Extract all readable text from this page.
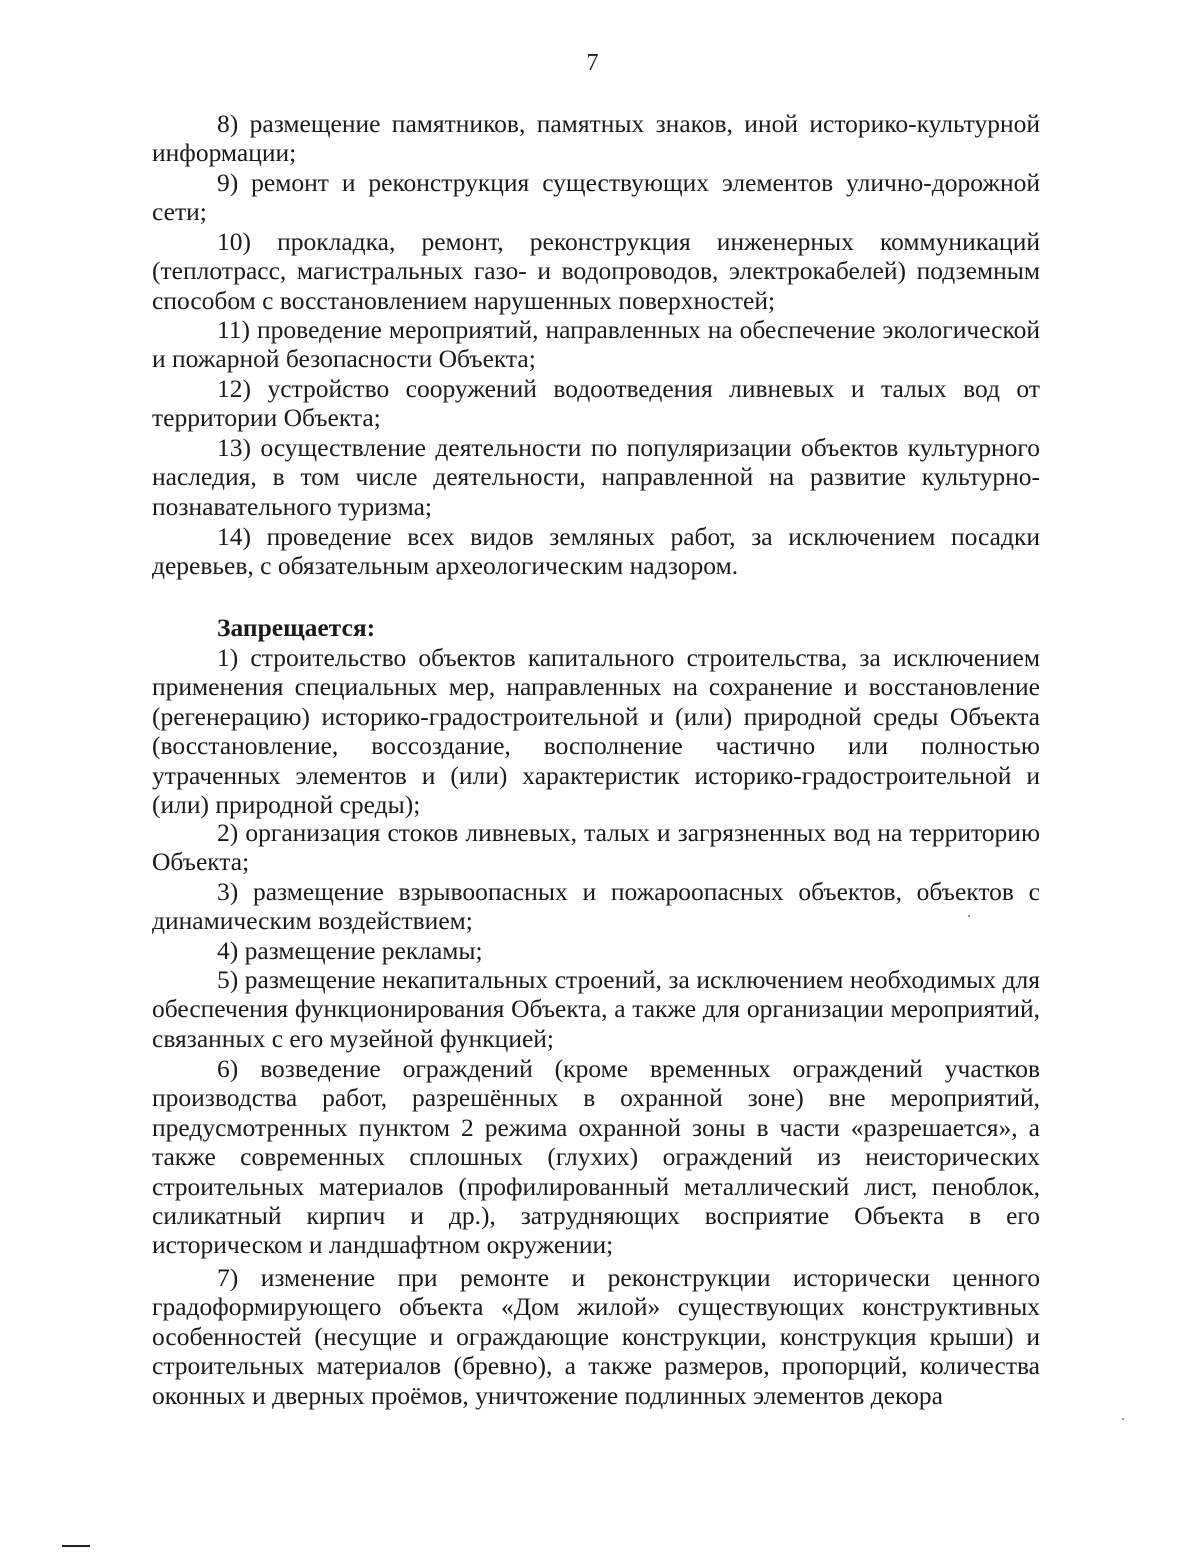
7

8) размещение памятников, памятных знаков, иной историко-культурной информации;

9) ремонт и реконструкция существующих элементов улично-дорожной сети;

10) прокладка, ремонт, реконструкция инженерных коммуникаций (теплотрасс, магистральных газо- и водопроводов, электрокабелей) подземным способом с восстановлением нарушенных поверхностей;

11) проведение мероприятий, направленных на обеспечение экологической и пожарной безопасности Объекта;

12) устройство сооружений водоотведения ливневых и талых вод от территории Объекта;

13) осуществление деятельности по популяризации объектов культурного наследия, в том числе деятельности, направленной на развитие культурно-познавательного туризма;

14) проведение всех видов земляных работ, за исключением посадки деревьев, с обязательным археологическим надзором.

Запрещается:

1) строительство объектов капитального строительства, за исключением применения специальных мер, направленных на сохранение и восстановление (регенерацию) историко-градостроительной и (или) природной среды Объекта (восстановление, воссоздание, восполнение частично или полностью утраченных элементов и (или) характеристик историко-градостроительной и (или) природной среды);

2) организация стоков ливневых, талых и загрязненных вод на территорию Объекта;

3) размещение взрывоопасных и пожароопасных объектов, объектов с динамическим воздействием;

4) размещение рекламы;

5) размещение некапитальных строений, за исключением необходимых для обеспечения функционирования Объекта, а также для организации мероприятий, связанных с его музейной функцией;

6) возведение ограждений (кроме временных ограждений участков производства работ, разрешённых в охранной зоне) вне мероприятий, предусмотренных пунктом 2 режима охранной зоны в части «разрешается», а также современных сплошных (глухих) ограждений из неисторических строительных материалов (профилированный металлический лист, пеноблок, силикатный кирпич и др.), затрудняющих восприятие Объекта в его историческом и ландшафтном окружении;

7) изменение при ремонте и реконструкции исторически ценного градоформирующего объекта «Дом жилой» существующих конструктивных особенностей (несущие и ограждающие конструкции, конструкция крыши) и строительных материалов (бревно), а также размеров, пропорций, количества оконных и дверных проёмов, уничтожение подлинных элементов декора
